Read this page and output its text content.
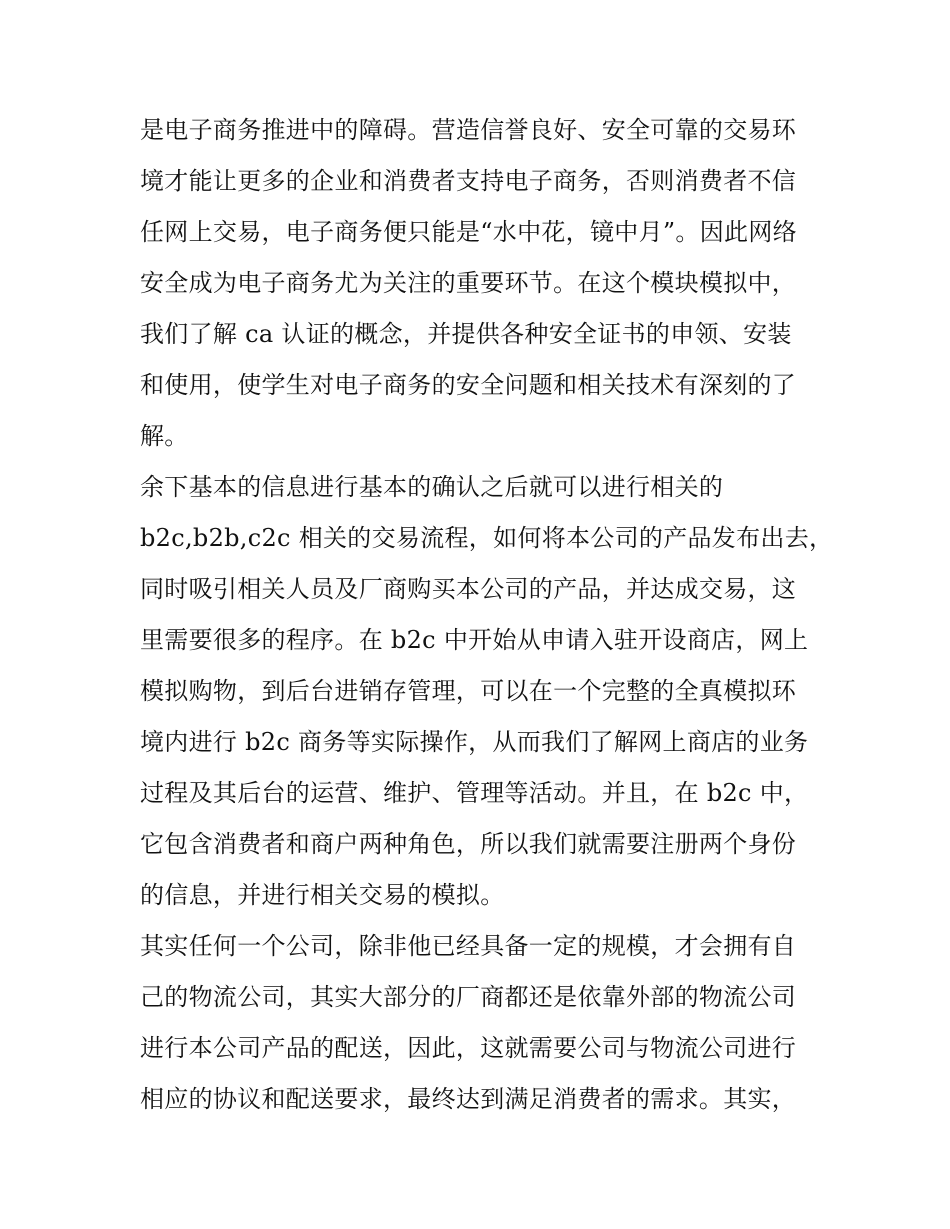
是电子商务推进中的障碍。营造信誉良好、安全可靠的交易环
境才能让更多的企业和消费者支持电子商务，否则消费者不信
任网上交易，电子商务便只能是“水中花，镜中月”。因此网络
安全成为电子商务尤为关注的重要环节。在这个模块模拟中，
我们了解 ca 认证的概念，并提供各种安全证书的申领、安装
和使用，使学生对电子商务的安全问题和相关技术有深刻的了
解。
余下基本的信息进行基本的确认之后就可以进行相关的
b2c,b2b,c2c 相关的交易流程，如何将本公司的产品发布出去，
同时吸引相关人员及厂商购买本公司的产品，并达成交易，这
里需要很多的程序。在 b2c 中开始从申请入驻开设商店，网上
模拟购物，到后台进销存管理，可以在一个完整的全真模拟环
境内进行 b2c 商务等实际操作，从而我们了解网上商店的业务
过程及其后台的运营、维护、管理等活动。并且，在 b2c 中，
它包含消费者和商户两种角色，所以我们就需要注册两个身份
的信息，并进行相关交易的模拟。
其实任何一个公司，除非他已经具备一定的规模，才会拥有自
己的物流公司，其实大部分的厂商都还是依靠外部的物流公司
进行本公司产品的配送，因此，这就需要公司与物流公司进行
相应的协议和配送要求，最终达到满足消费者的需求。其实，
